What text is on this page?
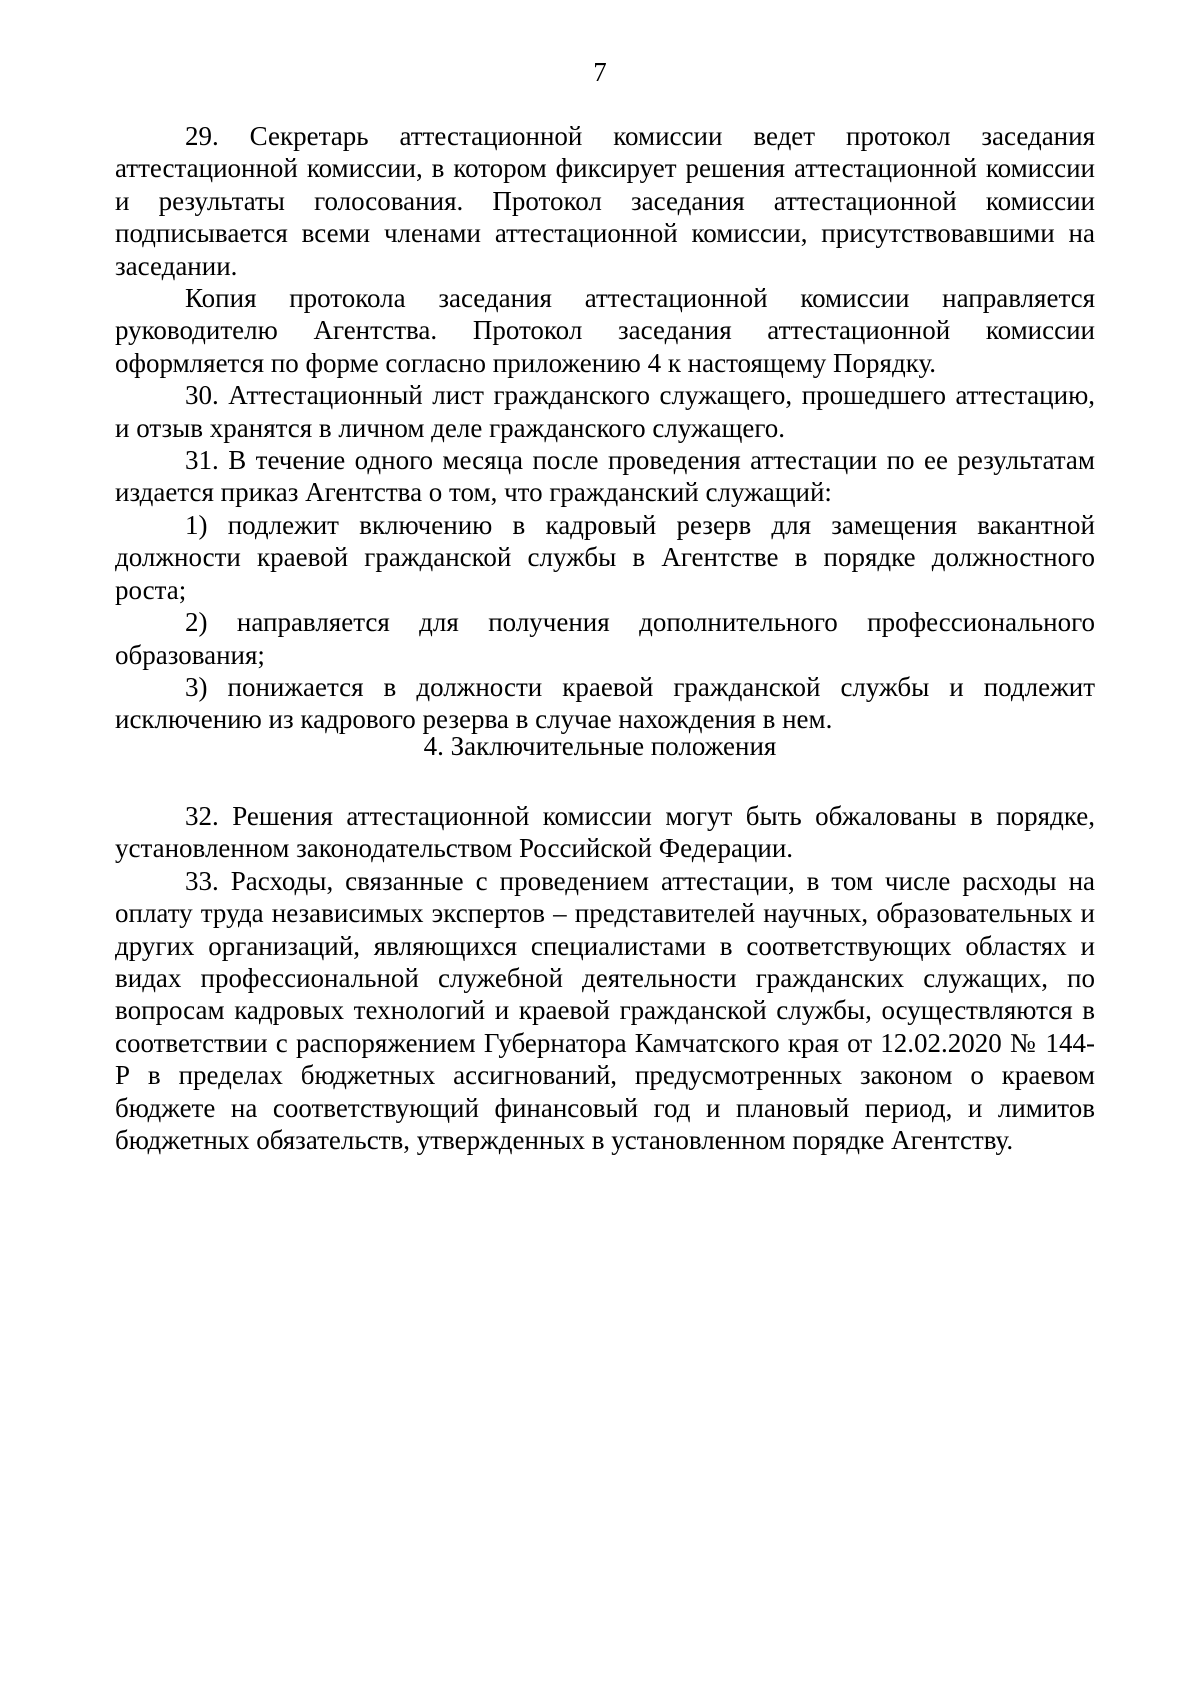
7

29. Секретарь аттестационной комиссии ведет протокол заседания аттестационной комиссии, в котором фиксирует решения аттестационной комиссии и результаты голосования. Протокол заседания аттестационной комиссии подписывается всеми членами аттестационной комиссии, присутствовавшими на заседании.

Копия протокола заседания аттестационной комиссии направляется руководителю Агентства. Протокол заседания аттестационной комиссии оформляется по форме согласно приложению 4 к настоящему Порядку.

30. Аттестационный лист гражданского служащего, прошедшего аттестацию, и отзыв хранятся в личном деле гражданского служащего.

31. В течение одного месяца после проведения аттестации по ее результатам издается приказ Агентства о том, что гражданский служащий:

1) подлежит включению в кадровый резерв для замещения вакантной должности краевой гражданской службы в Агентстве в порядке должностного роста;

2) направляется для получения дополнительного профессионального образования;

3) понижается в должности краевой гражданской службы и подлежит исключению из кадрового резерва в случае нахождения в нем.

4. Заключительные положения

32. Решения аттестационной комиссии могут быть обжалованы в порядке, установленном законодательством Российской Федерации.

33. Расходы, связанные с проведением аттестации, в том числе расходы на оплату труда независимых экспертов – представителей научных, образовательных и других организаций, являющихся специалистами в соответствующих областях и видах профессиональной служебной деятельности гражданских служащих, по вопросам кадровых технологий и краевой гражданской службы, осуществляются в соответствии с распоряжением Губернатора Камчатского края от 12.02.2020 № 144-Р в пределах бюджетных ассигнований, предусмотренных законом о краевом бюджете на соответствующий финансовый год и плановый период, и лимитов бюджетных обязательств, утвержденных в установленном порядке Агентству.
